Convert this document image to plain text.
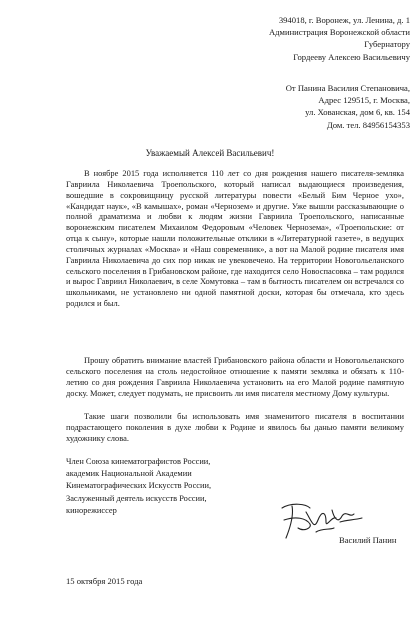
394018, г. Воронеж, ул. Ленина, д. 1
Администрация Воронежской области
Губернатору
Гордееву Алексею Васильевичу
От Панина Василия Степановича,
Адрес 129515, г. Москва,
ул. Хованская, дом 6, кв. 154
Дом. тел. 84956154353
Уважаемый Алексей Васильевич!

В ноябре 2015 года исполняется 110 лет со дня рождения нашего писателя-земляка Гавриила Николаевича Троепольского, который написал выдающиеся произведения, вошедшие в сокровищницу русской литературы повести «Белый Бим Черное ухо», «Кандидат наук», «В камышах», роман «Чернозем» и другие. Уже вышли рассказывающие о полной драматизма и любви к людям жизни Гавриила Троепольского, написанные воронежским писателем Михаилом Федоровым «Человек Чернозема», «Троепольские: от отца к сыну», которые нашли положительные отклики в «Литературной газете», в ведущих столичных журналах «Москва» и «Наш современник», а вот на Малой родине писателя имя Гавриила Николаевича до сих пор никак не увековечено. На территории Новогольеланского сельского поселения в Грибановском районе, где находится село Новоспасовка – там родился и вырос Гавриил Николаевич, в селе Хомутовка – там в бытность писателем он встречался со школьниками, не установлено ни одной памятной доски, которая бы отмечала, кто здесь родился и был.

Прошу обратить внимание властей Грибановского района области и Новогольеланского сельского поселения на столь недостойное отношение к памяти земляка и обязать к 110-летию со дня рождения Гавриила Николаевича установить на его Малой родине памятную доску. Может, следует подумать, не присвоить ли имя писателя местному Дому культуры.

Такие шаги позволили бы использовать имя знаменитого писателя в воспитании подрастающего поколения в духе любви к Родине и явилось бы данью памяти великому художнику слова.

Член Союза кинематографистов России,
академик Национальной Академии
Кинематографических Искусств России,
Заслуженный деятель искусств России,
кинорежиссер
Василий Панин
15 октября 2015 года
